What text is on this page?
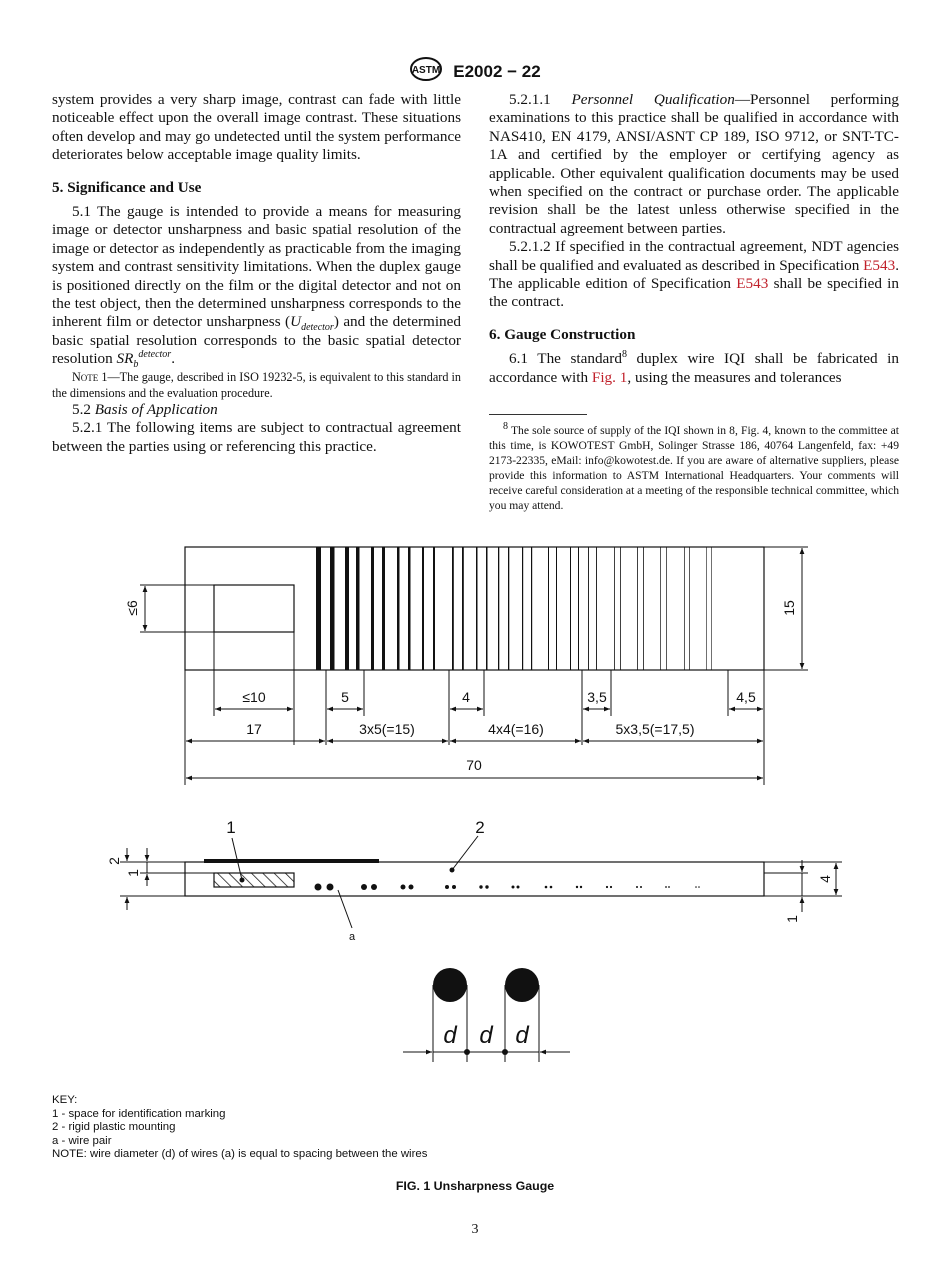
ASTM E2002 − 22

system provides a very sharp image, contrast can fade with little noticeable effect upon the overall image contrast. These situations often develop and may go undetected until the system performance deteriorates below acceptable image quality limits.

5. Significance and Use

5.1 The gauge is intended to provide a means for measuring image or detector unsharpness and basic spatial resolution of the image or detector as independently as practicable from the imaging system and contrast sensitivity limitations. When the duplex gauge is positioned directly on the film or the digital detector and not on the test object, then the determined unsharpness corresponds to the inherent film or detector unsharpness $(U_{detector})$ and the determined basic spatial resolution corresponds to the basic spatial detector resolution $SR_b^{detector}$.

Note 1—The gauge, described in ISO 19232-5, is equivalent to this standard in the dimensions and the evaluation procedure.

5.2 Basis of Application

5.2.1 The following items are subject to contractual agreement between the parties using or referencing this practice.

5.2.1.1 Personnel Qualification—Personnel performing examinations to this practice shall be qualified in accordance with NAS410, EN 4179, ANSI/ASNT CP 189, ISO 9712, or SNT-TC-1A and certified by the employer or certifying agency as applicable. Other equivalent qualification documents may be used when specified on the contract or purchase order. The applicable revision shall be the latest unless otherwise specified in the contractual agreement between parties.

5.2.1.2 If specified in the contractual agreement, NDT agencies shall be qualified and evaluated as described in Specification E543. The applicable edition of Specification E543 shall be specified in the contract.

6. Gauge Construction

6.1 The standard$^8$ duplex wire IQI shall be fabricated in accordance with Fig. 1, using the measures and tolerances

8 The sole source of supply of the IQI shown in 8, Fig. 4, known to the committee at this time, is KOWOTEST GmbH, Solinger Strasse 186, 40764 Langenfeld, fax: +49 2173-22335, eMail: info@kowotest.de. If you are aware of alternative suppliers, please provide this information to ASTM International Headquarters. Your comments will receive careful consideration at a meeting of the responsible technical committee, which you may attend.

≤6	15
≤10	5	4	3,5	4,5
17	3x5(=15)	4x4(=16)	5x3,5(=17,5)
70
2
1
4
1
1	2
a
d d d
KEY:
1 - space for identification marking
2 - rigid plastic mounting
a - wire pair
NOTE: wire diameter (d) of wires (a) is equal to spacing between the wires
FIG. 1 Unsharpness Gauge
3
